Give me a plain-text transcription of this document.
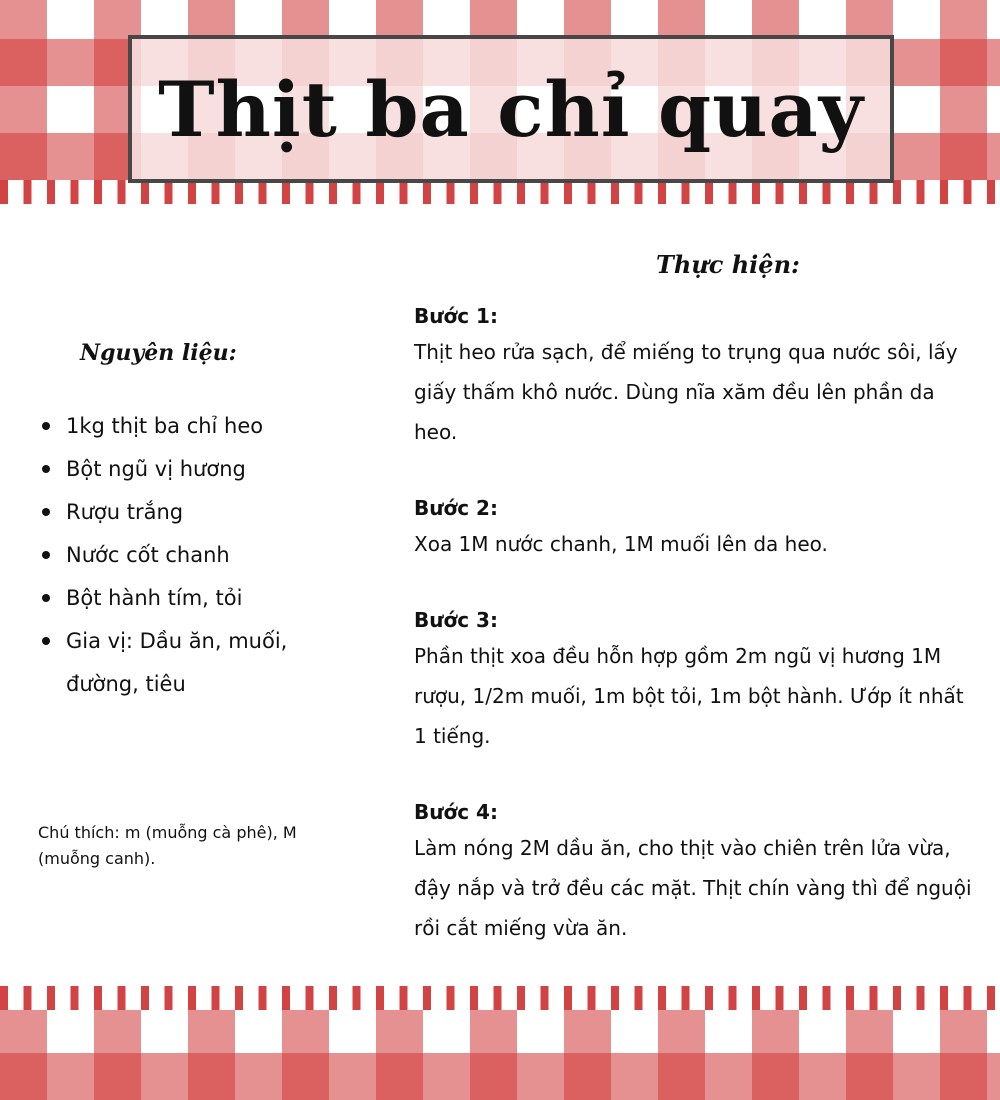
Thịt ba chỉ quay
Nguyên liệu:
1kg thịt ba chỉ heo
Bột ngũ vị hương
Rượu trắng
Nước cốt chanh
Bột hành tím, tỏi
Gia vị: Dầu ăn, muối, đường, tiêu
Chú thích: m (muỗng cà phê), M (muỗng canh).
Thực hiện:
Bước 1:
Thịt heo rửa sạch, để miếng to trụng qua nước sôi, lấy giấy thấm khô nước. Dùng nĩa xăm đều lên phần da heo.
Bước 2:
Xoa 1M nước chanh, 1M muối lên da heo.
Bước 3:
Phần thịt xoa đều hỗn hợp gồm 2m ngũ vị hương 1M rượu, 1/2m muối, 1m bột tỏi, 1m bột hành. Ướp ít nhất 1 tiếng.
Bước 4:
Làm nóng 2M dầu ăn, cho thịt vào chiên trên lửa vừa, đậy nắp và trở đều các mặt. Thịt chín vàng thì để nguội rồi cắt miếng vừa ăn.
